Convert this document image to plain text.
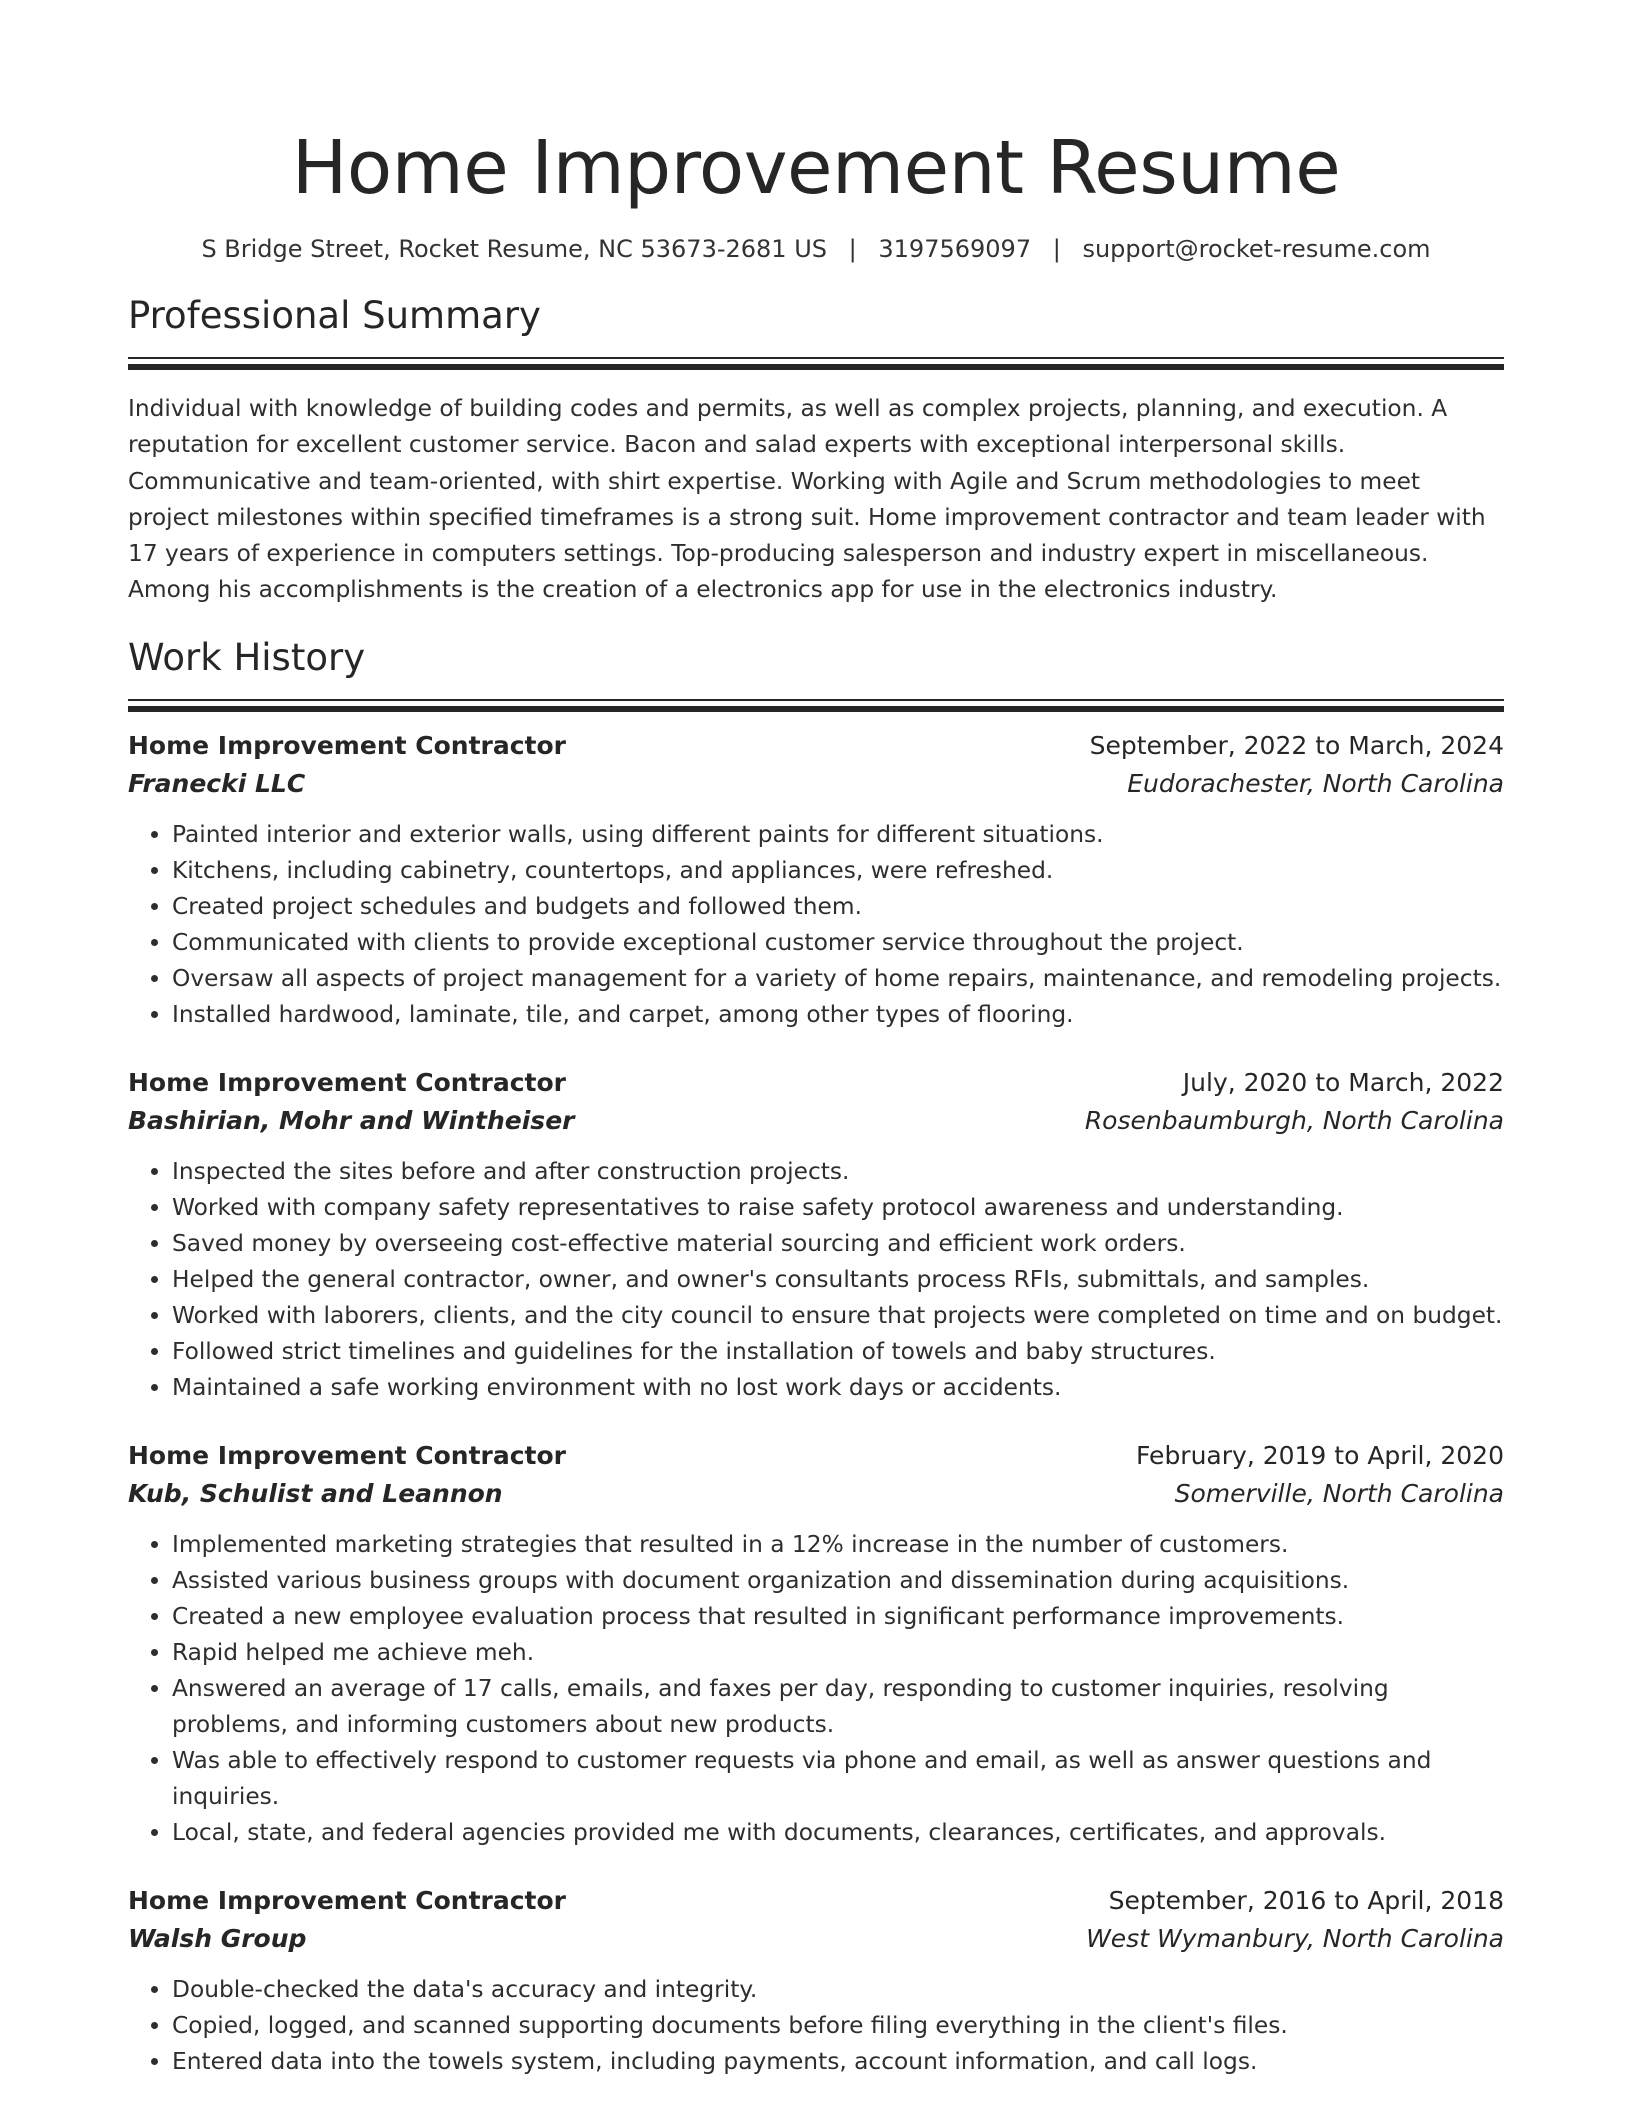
Home Improvement Resume
S Bridge Street, Rocket Resume, NC 53673-2681 US | 3197569097 | support@rocket-resume.com
Professional Summary

Individual with knowledge of building codes and permits, as well as complex projects, planning, and execution. A reputation for excellent customer service. Bacon and salad experts with exceptional interpersonal skills. Communicative and team-oriented, with shirt expertise. Working with Agile and Scrum methodologies to meet project milestones within specified timeframes is a strong suit. Home improvement contractor and team leader with 17 years of experience in computers settings. Top-producing salesperson and industry expert in miscellaneous. Among his accomplishments is the creation of a electronics app for use in the electronics industry.

Work History
Home Improvement Contractor	September, 2022 to March, 2024
Franecki LLC	Eudorachester, North Carolina
• Painted interior and exterior walls, using different paints for different situations.
• Kitchens, including cabinetry, countertops, and appliances, were refreshed.
• Created project schedules and budgets and followed them.
• Communicated with clients to provide exceptional customer service throughout the project.
• Oversaw all aspects of project management for a variety of home repairs, maintenance, and remodeling projects.
• Installed hardwood, laminate, tile, and carpet, among other types of flooring.
Home Improvement Contractor	July, 2020 to March, 2022
Bashirian, Mohr and Wintheiser	Rosenbaumburgh, North Carolina
• Inspected the sites before and after construction projects.
• Worked with company safety representatives to raise safety protocol awareness and understanding.
• Saved money by overseeing cost-effective material sourcing and efficient work orders.
• Helped the general contractor, owner, and owner's consultants process RFIs, submittals, and samples.
• Worked with laborers, clients, and the city council to ensure that projects were completed on time and on budget.
• Followed strict timelines and guidelines for the installation of towels and baby structures.
• Maintained a safe working environment with no lost work days or accidents.
Home Improvement Contractor	February, 2019 to April, 2020
Kub, Schulist and Leannon	Somerville, North Carolina
• Implemented marketing strategies that resulted in a 12% increase in the number of customers.
• Assisted various business groups with document organization and dissemination during acquisitions.
• Created a new employee evaluation process that resulted in significant performance improvements.
• Rapid helped me achieve meh.
• Answered an average of 17 calls, emails, and faxes per day, responding to customer inquiries, resolving problems, and informing customers about new products.
• Was able to effectively respond to customer requests via phone and email, as well as answer questions and inquiries.
• Local, state, and federal agencies provided me with documents, clearances, certificates, and approvals.
Home Improvement Contractor	September, 2016 to April, 2018
Walsh Group	West Wymanbury, North Carolina
• Double-checked the data's accuracy and integrity.
• Copied, logged, and scanned supporting documents before filing everything in the client's files.
• Entered data into the towels system, including payments, account information, and call logs.
